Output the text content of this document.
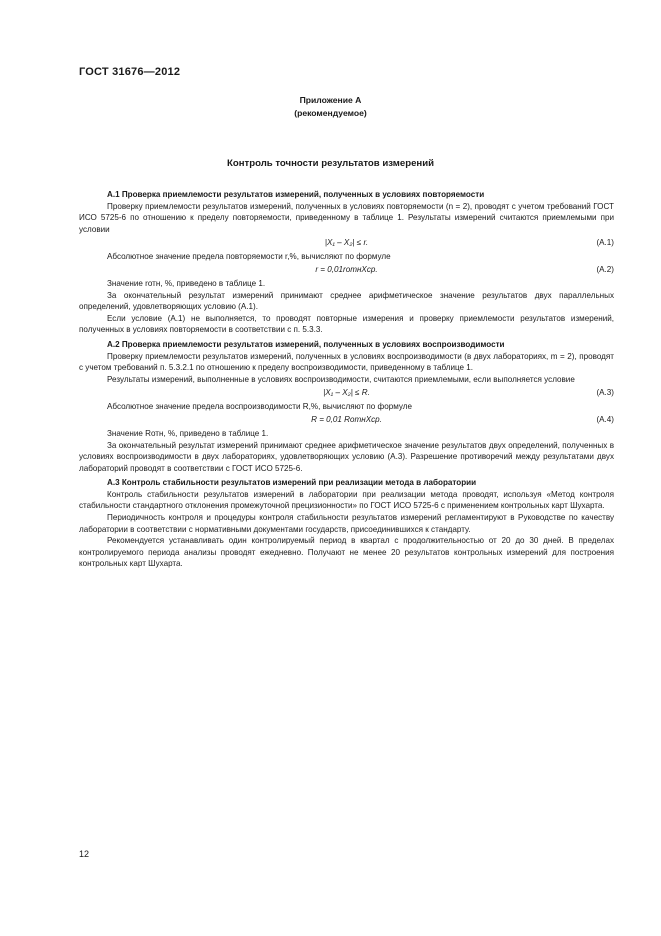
ГОСТ 31676—2012
Приложение А
(рекомендуемое)
Контроль точности результатов измерений

А.1 Проверка приемлемости результатов измерений, полученных в условиях повторяемости

Проверку приемлемости результатов измерений, полученных в условиях повторяемости (n = 2), проводят с учетом требований ГОСТ ИСО 5725-6 по отношению к пределу повторяемости, приведенному в таблице 1. Результаты измерений считаются приемлемыми при условии

|X₁ – X₂| ≤ r.	(А.1)

Абсолютное значение предела повторяемости r,%, вычисляют по формуле

r = 0,01rотнXср.	(А.2)

Значение rотн, %, приведено в таблице 1.

За окончательный результат измерений принимают среднее арифметическое значение результатов двух параллельных определений, удовлетворяющих условию (А.1).

Если условие (А.1) не выполняется, то проводят повторные измерения и проверку приемлемости результатов измерений, полученных в условиях повторяемости в соответствии с п. 5.3.3.

А.2 Проверка приемлемости результатов измерений, полученных в условиях воспроизводимости

Проверку приемлемости результатов измерений, полученных в условиях воспроизводимости (в двух лабораториях, m = 2), проводят с учетом требований п. 5.3.2.1 по отношению к пределу воспроизводимости, приведенному в таблице 1.

Результаты измерений, выполненные в условиях воспроизводимости, считаются приемлемыми, если выполняется условие

|X₁ – X₂| ≤ R.	(А.3)

Абсолютное значение предела воспроизводимости R,%, вычисляют по формуле

R = 0,01 RотнXср.	(А.4)

Значение Rотн, %, приведено в таблице 1.

За окончательный результат измерений принимают среднее арифметическое значение результатов двух определений, полученных в условиях воспроизводимости в двух лабораториях, удовлетворяющих условию (А.3). Разрешение противоречий между результатами двух лабораторий проводят в соответствии с ГОСТ ИСО 5725-6.

А.3 Контроль стабильности результатов измерений при реализации метода в лаборатории

Контроль стабильности результатов измерений в лаборатории при реализации метода проводят, используя «Метод контроля стабильности стандартного отклонения промежуточной прецизионности» по ГОСТ ИСО 5725-6 с применением контрольных карт Шухарта.

Периодичность контроля и процедуры контроля стабильности результатов измерений регламентируют в Руководстве по качеству лаборатории в соответствии с нормативными документами государств, присоединившихся к стандарту.

Рекомендуется устанавливать один контролируемый период в квартал с продолжительностью от 20 до 30 дней. В пределах контролируемого периода анализы проводят ежедневно. Получают не менее 20 результатов контрольных измерений для построения контрольных карт Шухарта.

12
